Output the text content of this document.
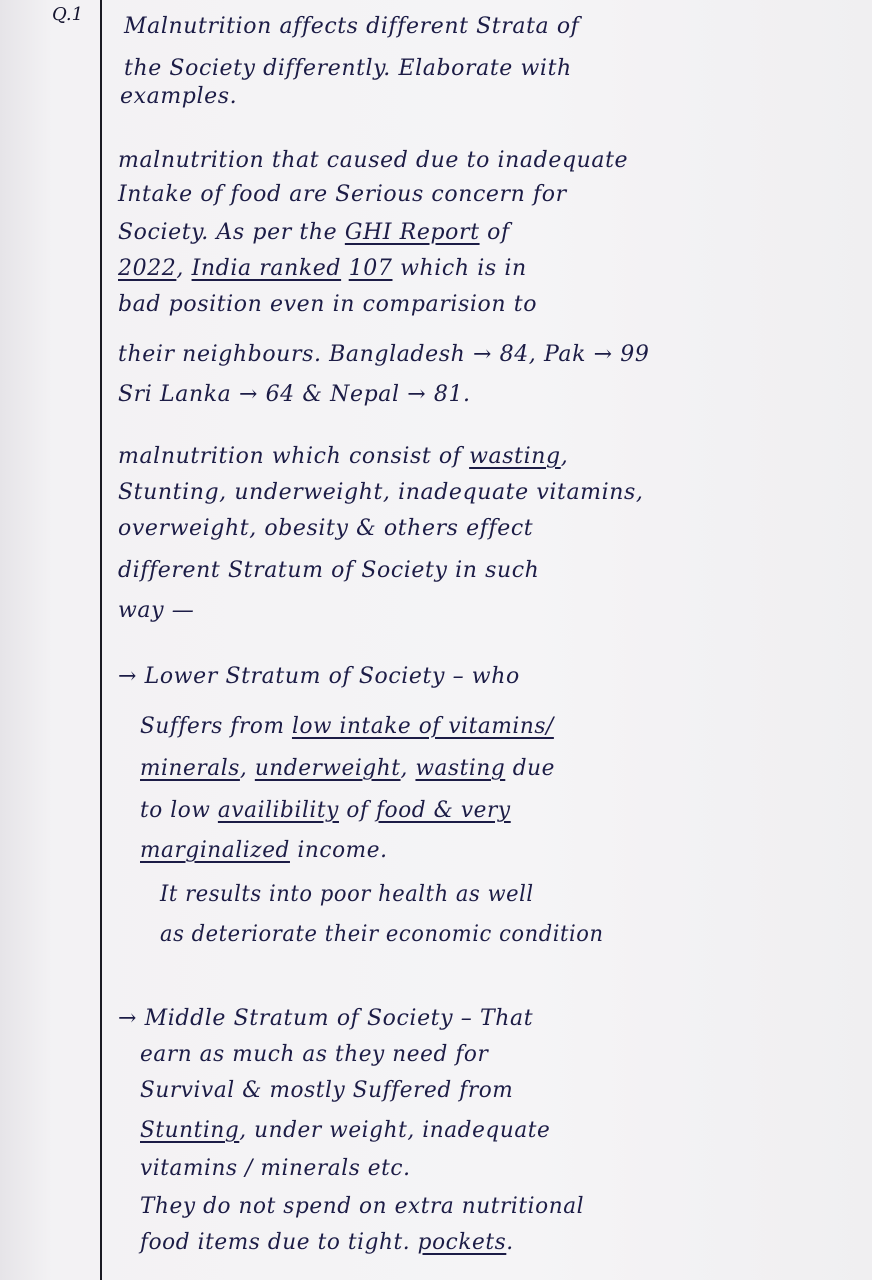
Q.1 Malnutrition affects different Strata of
the Society differently. Elaborate with
examples.
malnutrition that caused due to inadequate
Intake of food are Serious concern for
Society. As per the GHI Report of
2022, India ranked 107 which is in
bad position even in comparision to
their neighbours. Bangladesh → 84, Pak → 99
Sri Lanka → 64 & Nepal → 81.
malnutrition which consist of wasting,
Stunting, underweight, inadequate vitamins,
overweight, obesity & others effect
different Stratum of Society in such
way —
→ Lower Stratum of Society – who
Suffers from low intake of vitamins/
minerals, underweight, wasting due
to low availibility of food & very
marginalized income.
It results into poor health as well
as deteriorate their economic condition
→ Middle Stratum of Society – That
earn as much as they need for
Survival & mostly Suffered from
Stunting, under weight, inadequate
vitamins / minerals etc.
They do not spend on extra nutritional
food items due to tight. pockets.
